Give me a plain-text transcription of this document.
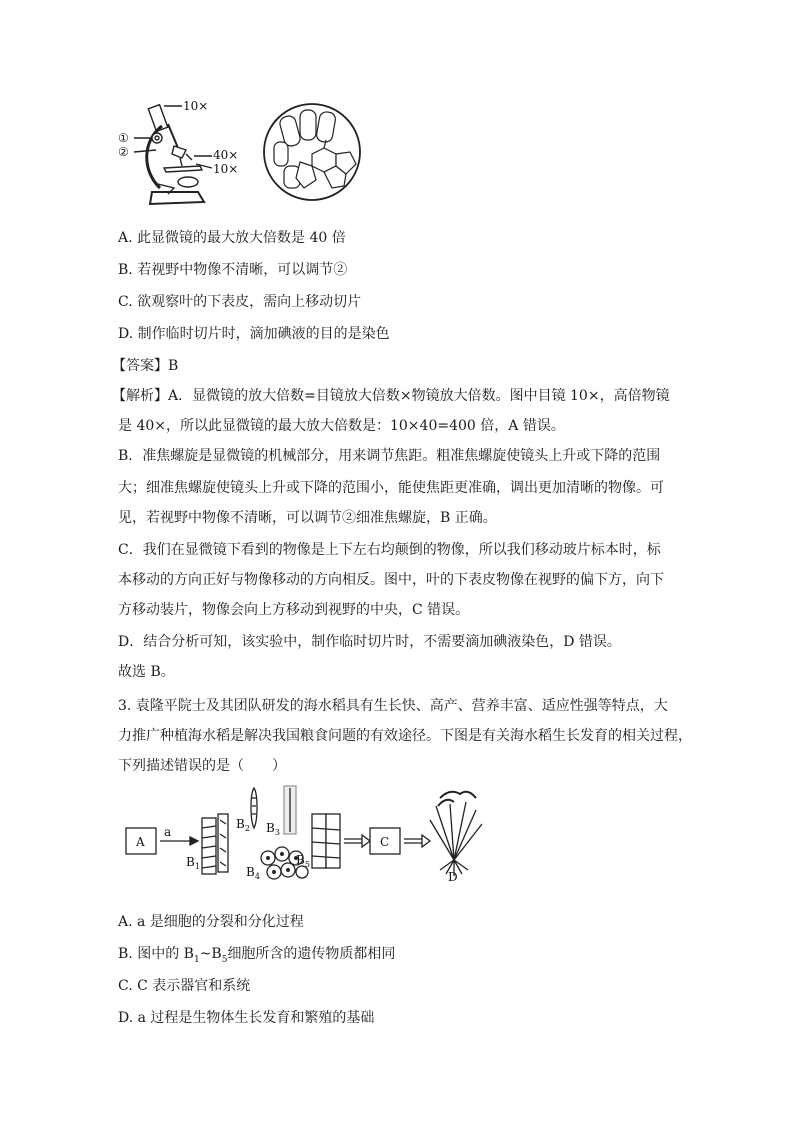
10×
①
②	40×
10×
A. 此显微镜的最大放大倍数是 40 倍
B. 若视野中物像不清晰，可以调节②
C. 欲观察叶的下表皮，需向上移动切片
D. 制作临时切片时，滴加碘液的目的是染色
【答案】B
【解析】A．显微镜的放大倍数=目镜放大倍数×物镜放大倍数。图中目镜 10×，高倍物镜
是 40×，所以此显微镜的最大放大倍数是：10×40=400 倍，A 错误。
B．准焦螺旋是显微镜的机械部分，用来调节焦距。粗准焦螺旋使镜头上升或下降的范围
大；细准焦螺旋使镜头上升或下降的范围小，能使焦距更准确，调出更加清晰的物像。可
见，若视野中物像不清晰，可以调节②细准焦螺旋，B 正确。
C．我们在显微镜下看到的物像是上下左右均颠倒的物像，所以我们移动玻片标本时，标
本移动的方向正好与物像移动的方向相反。图中，叶的下表皮物像在视野的偏下方，向下
方移动装片，物像会向上方移动到视野的中央，C 错误。
D．结合分析可知，该实验中，制作临时切片时，不需要滴加碘液染色，D 错误。
故选 B。
3. 袁隆平院士及其团队研发的海水稻具有生长快、高产、营养丰富、适应性强等特点，大
力推广种植海水稻是解决我国粮食问题的有效途径。下图是有关海水稻生长发育的相关过程，
下列描述错误的是（　　）
A
a
$B_1$
$B_2$ $B_3$
$B_4$
$B_5$
C
D
A. a 是细胞的分裂和分化过程
B. 图中的 $B_1\sim B_5$细胞所含的遗传物质都相同
C. C 表示器官和系统
D. a 过程是生物体生长发育和繁殖的基础
